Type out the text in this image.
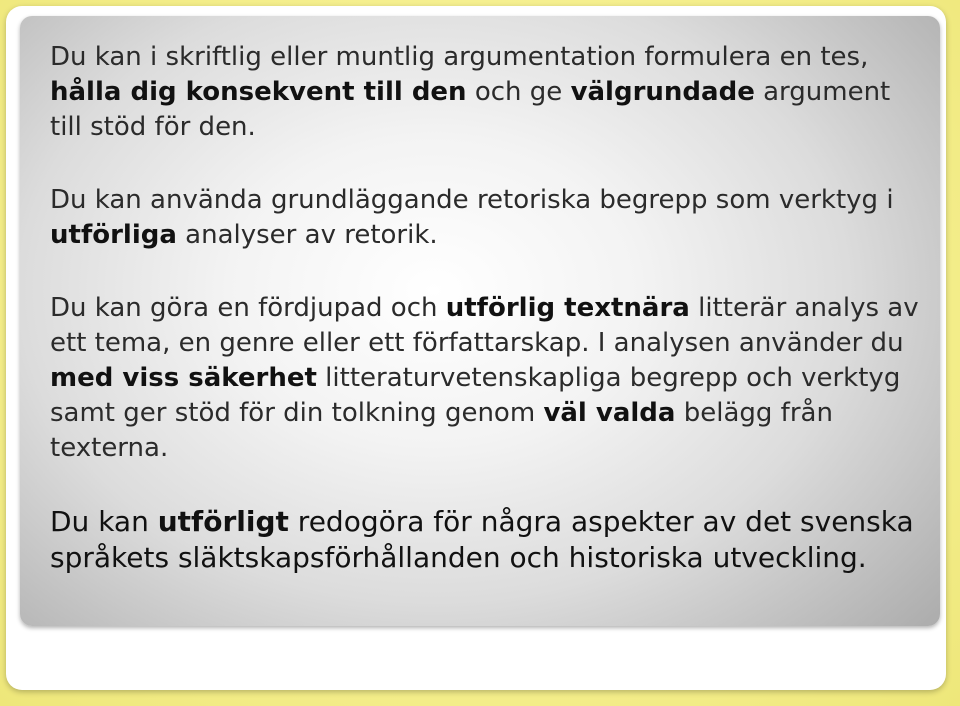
Du kan i skriftlig eller muntlig argumentation formulera en tes, hålla dig konsekvent till den och ge välgrundade argument till stöd för den.

Du kan använda grundläggande retoriska begrepp som verktyg i utförliga analyser av retorik.

Du kan göra en fördjupad och utförlig textnära litterär analys av ett tema, en genre eller ett författarskap. I analysen använder du med viss säkerhet litteraturvetenskapliga begrepp och verktyg samt ger stöd för din tolkning genom väl valda belägg från texterna.

Du kan utförligt redogöra för några aspekter av det svenska språkets släktskapsförhållanden och historiska utveckling.
